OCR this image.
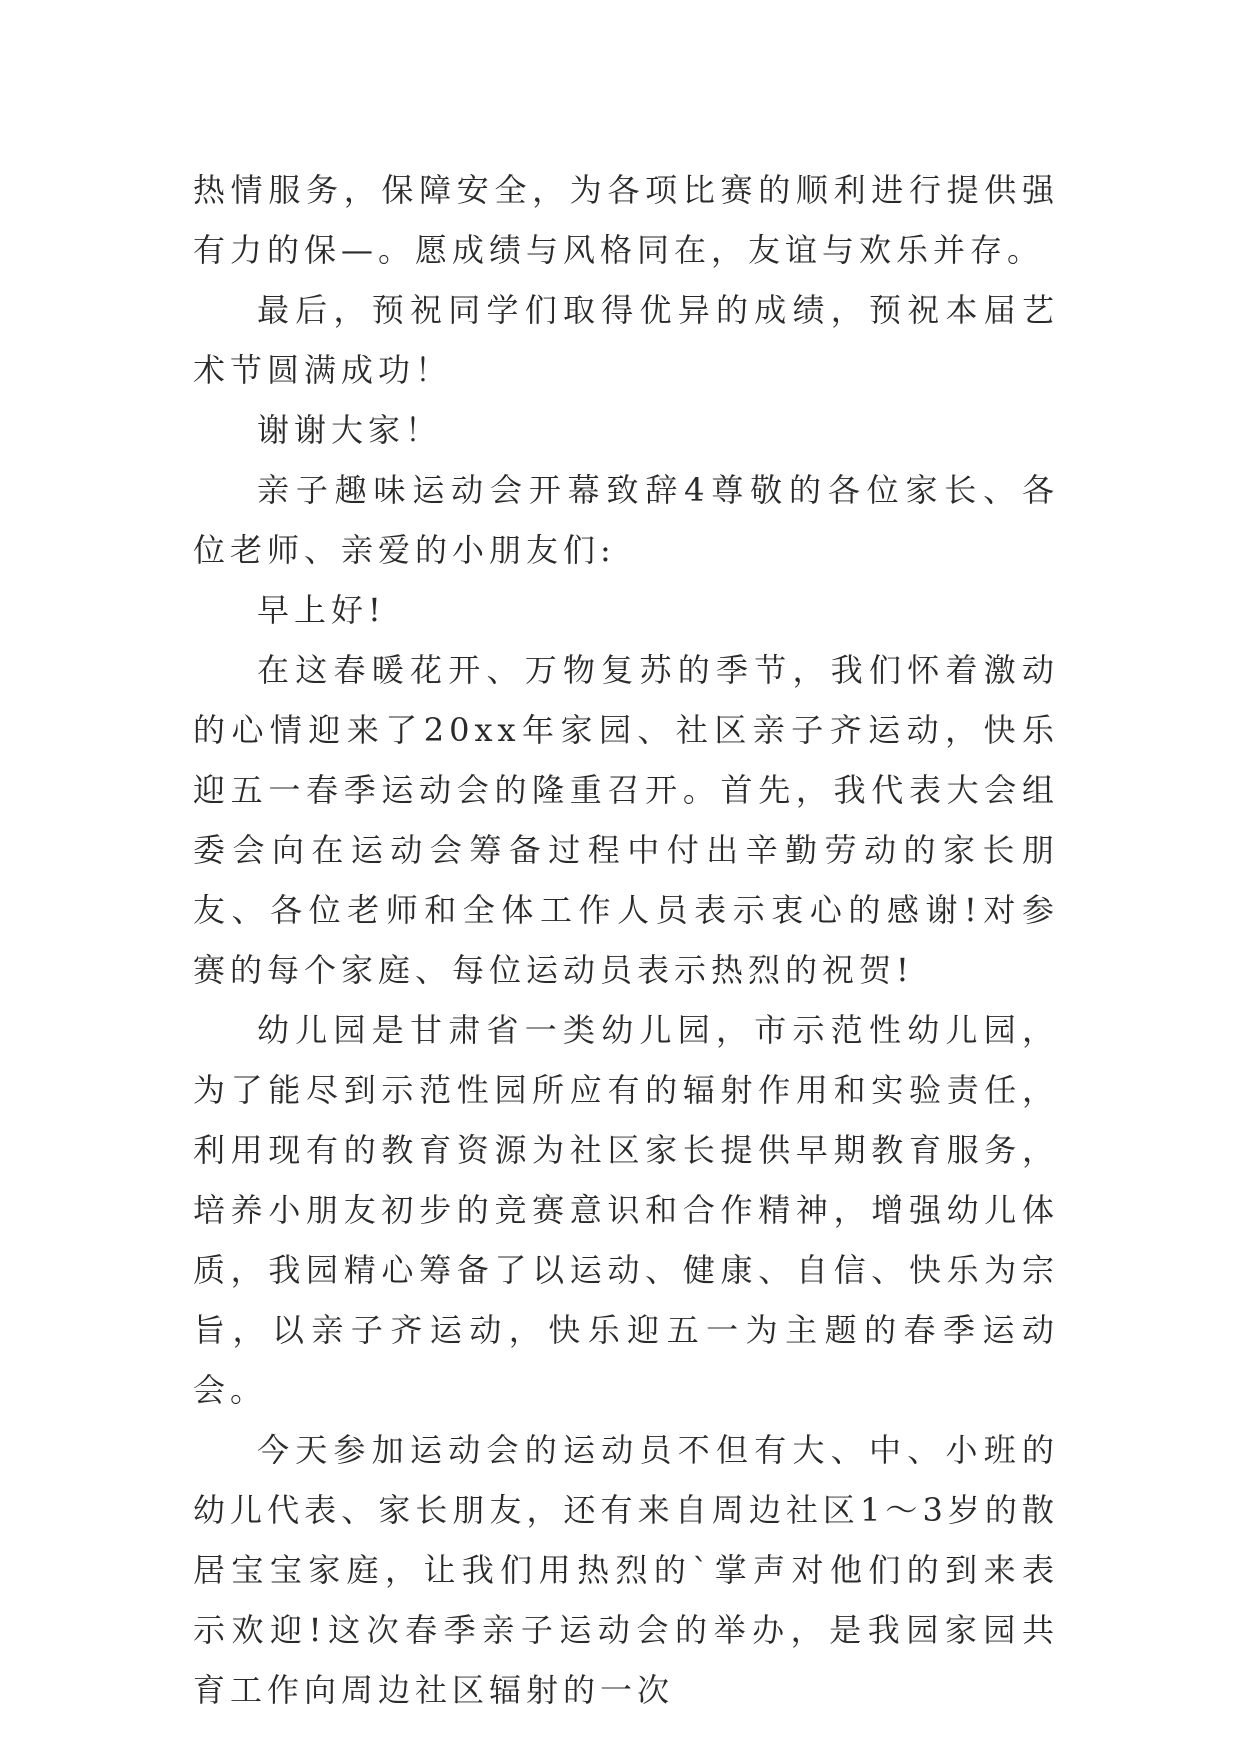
热情服务，保障安全，为各项比赛的顺利进行提供强有力的保—。愿成绩与风格同在，友谊与欢乐并存。

最后，预祝同学们取得优异的成绩，预祝本届艺术节圆满成功！

谢谢大家！

亲子趣味运动会开幕致辞4尊敬的各位家长、各位老师、亲爱的小朋友们:

早上好!

在这春暖花开、万物复苏的季节，我们怀着激动的心情迎来了20xx年家园、社区亲子齐运动，快乐迎五一春季运动会的隆重召开。首先，我代表大会组委会向在运动会筹备过程中付出辛勤劳动的家长朋友、各位老师和全体工作人员表示衷心的感谢!对参赛的每个家庭、每位运动员表示热烈的祝贺!

幼儿园是甘肃省一类幼儿园，市示范性幼儿园，为了能尽到示范性园所应有的辐射作用和实验责任，利用现有的教育资源为社区家长提供早期教育服务，培养小朋友初步的竞赛意识和合作精神，增强幼儿体质，我园精心筹备了以运动、健康、自信、快乐为宗旨，以亲子齐运动，快乐迎五一为主题的春季运动会。

今天参加运动会的运动员不但有大、中、小班的幼儿代表、家长朋友，还有来自周边社区1～3岁的散居宝宝家庭，让我们用热烈的`掌声对他们的到来表示欢迎!这次春季亲子运动会的举办，是我园家园共育工作向周边社区辐射的一次
